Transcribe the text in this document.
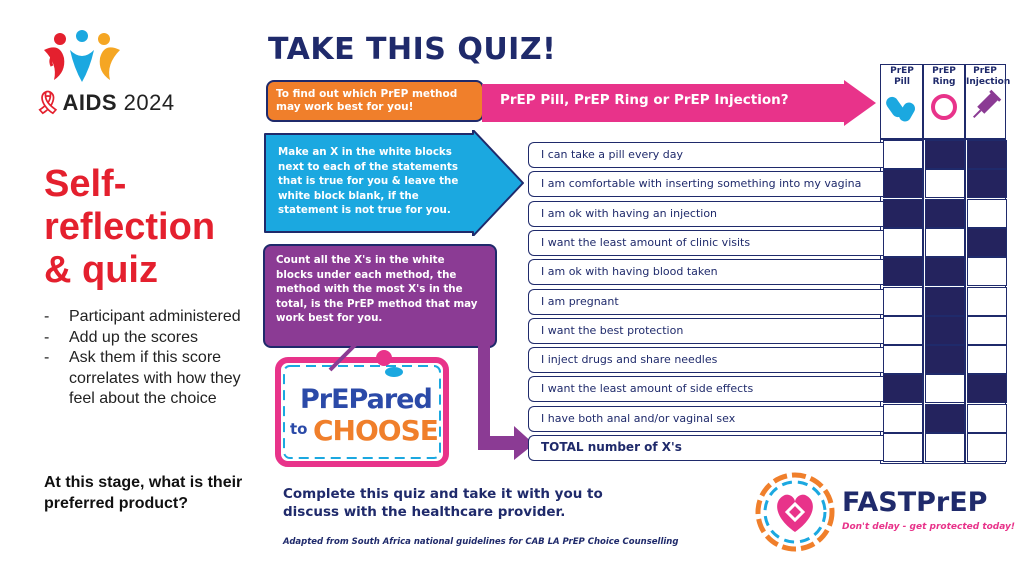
🎗AIDS 2024
Self-reflection & quiz
- Participant administered
- Add up the scores
- Ask them if this score correlates with how they feel about the choice
At this stage, what is their preferred product?
TAKE THIS QUIZ!
To find out which PrEP method may work best for you!	PrEP Pill, PrEP Ring or PrEP Injection?
Make an X in the white blocks next to each of the statements that is true for you & leave the white block blank, if the statement is not true for you.
Count all the X's in the white blocks under each method, the method with the most X's in the total, is the PrEP method that may work best for you.
PrEPared
to CHOOSE
PrEP Pill
PrEP Ring
PrEP Injection
I can take a pill every day
I am comfortable with inserting something into my vagina
I am ok with having an injection
I want the least amount of clinic visits
I am ok with having blood taken
I am pregnant
I want the best protection
I inject drugs and share needles
I want the least amount of side effects
I have both anal and/or vaginal sex
TOTAL number of X's
Complete this quiz and take it with you to discuss with the healthcare provider.
Adapted from South Africa national guidelines for CAB LA PrEP Choice Counselling
FASTPrEP
Don't delay - get protected today!
